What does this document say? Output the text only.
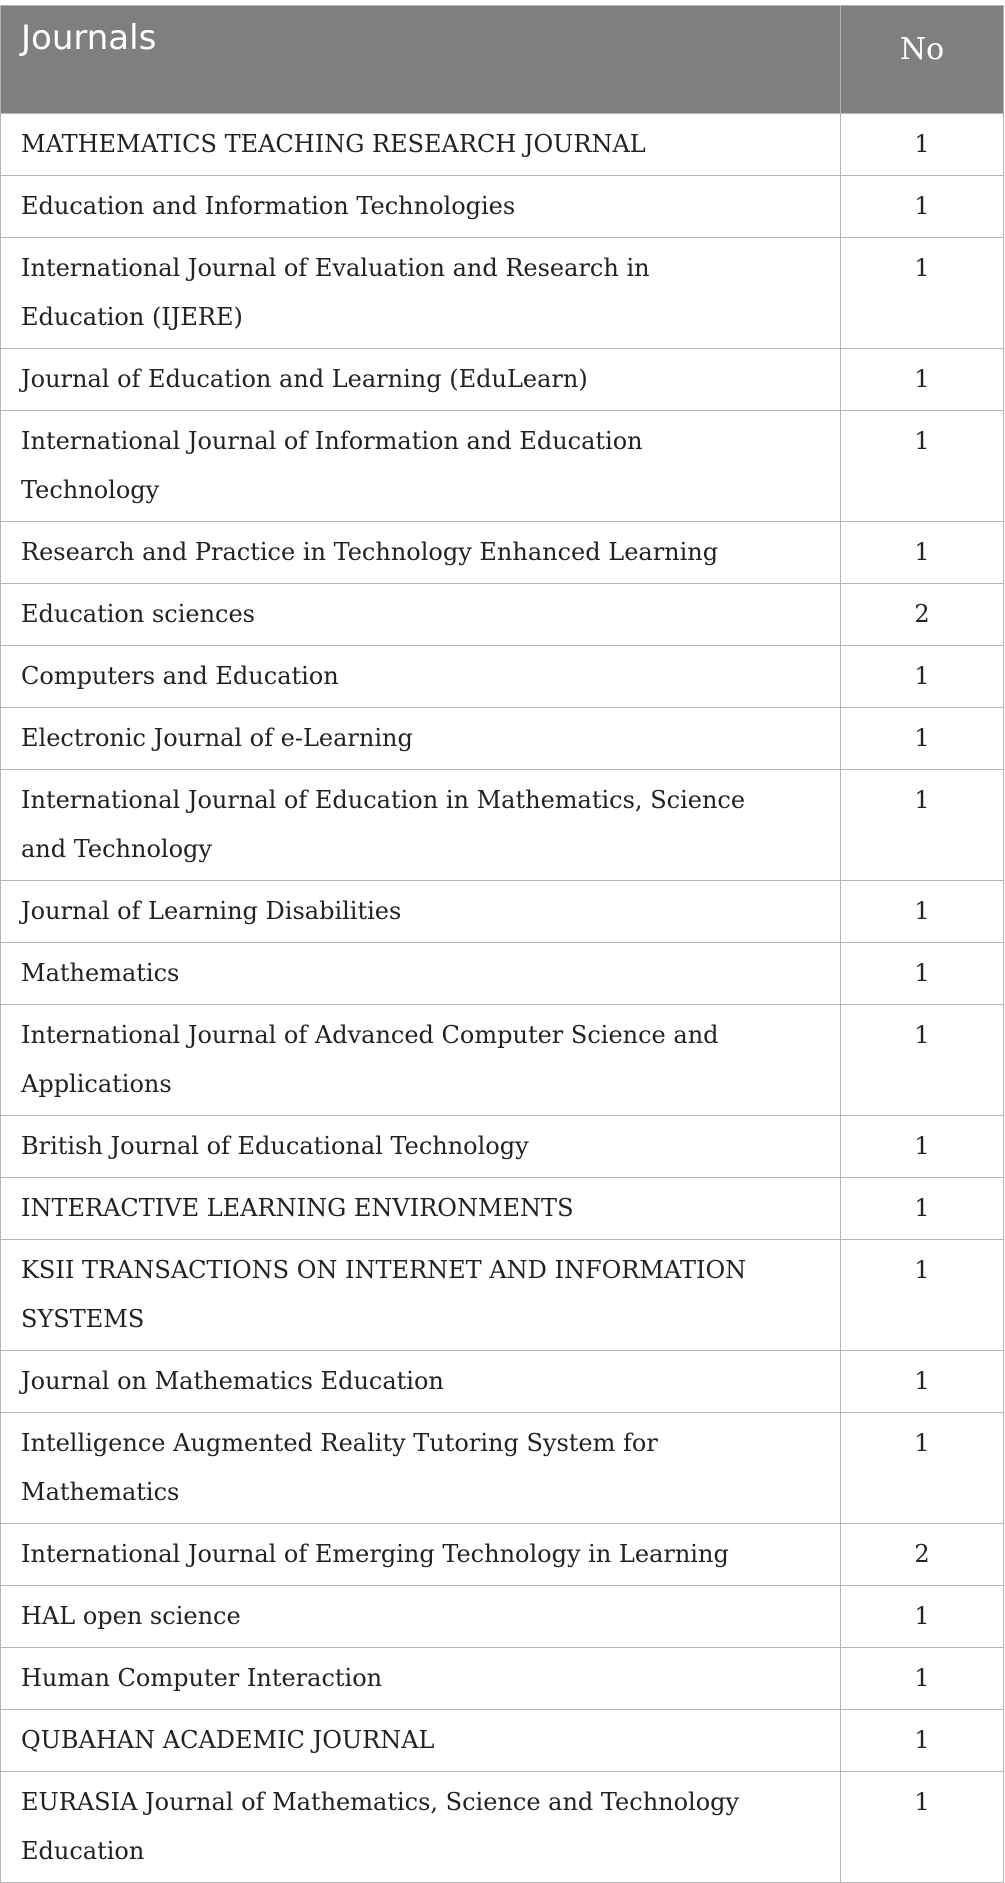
Journals	No
MATHEMATICS TEACHING RESEARCH JOURNAL	1
Education and Information Technologies	1
International Journal of Evaluation and Research in Education (IJERE)	1
Journal of Education and Learning (EduLearn)	1
International Journal of Information and Education Technology	1
Research and Practice in Technology Enhanced Learning	1
Education sciences	2
Computers and Education	1
Electronic Journal of e-Learning	1
International Journal of Education in Mathematics, Science and Technology	1
Journal of Learning Disabilities	1
Mathematics	1
International Journal of Advanced Computer Science and Applications	1
British Journal of Educational Technology	1
INTERACTIVE LEARNING ENVIRONMENTS	1
KSII TRANSACTIONS ON INTERNET AND INFORMATION SYSTEMS	1
Journal on Mathematics Education	1
Intelligence Augmented Reality Tutoring System for Mathematics	1
International Journal of Emerging Technology in Learning	2
HAL open science	1
Human Computer Interaction	1
QUBAHAN ACADEMIC JOURNAL	1
EURASIA Journal of Mathematics, Science and Technology Education	1
